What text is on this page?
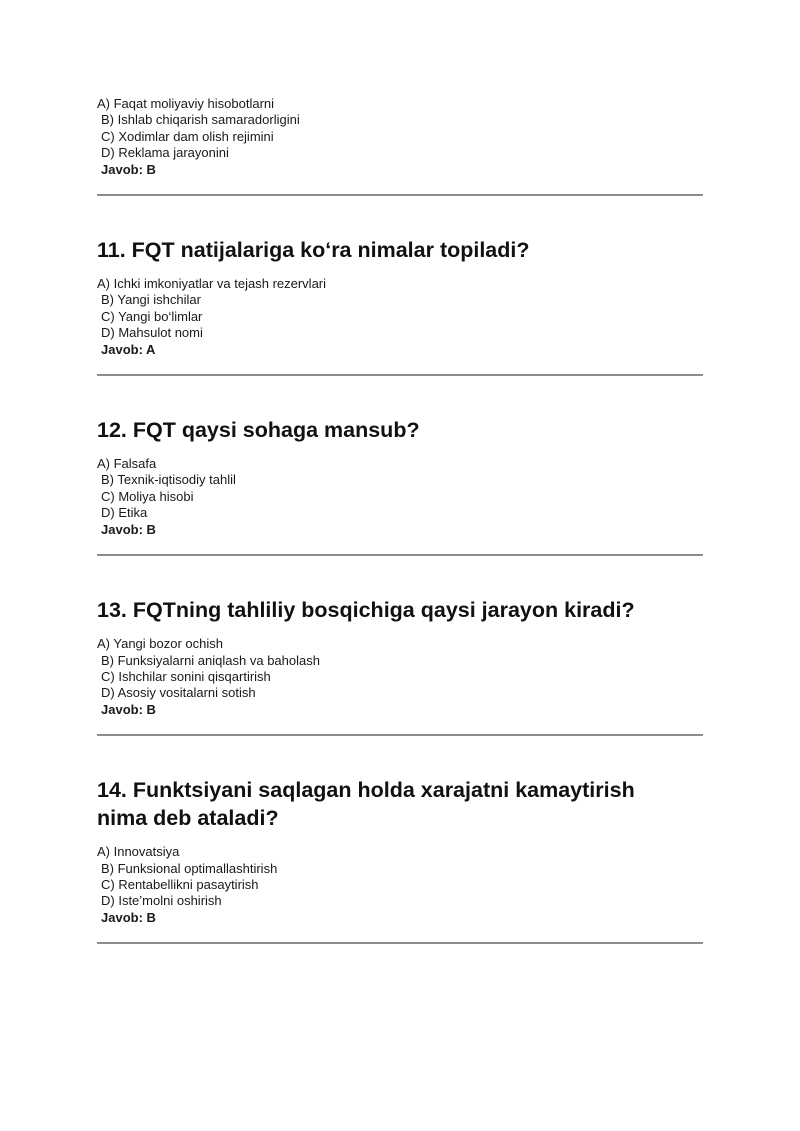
A) Faqat moliyaviy hisobotlarni

B) Ishlab chiqarish samaradorligini

C) Xodimlar dam olish rejimini

D) Reklama jarayonini

Javob: B

11. FQT natijalariga ko‘ra nimalar topiladi?

A) Ichki imkoniyatlar va tejash rezervlari

B) Yangi ishchilar

C) Yangi bo‘limlar

D) Mahsulot nomi

Javob: A

12. FQT qaysi sohaga mansub?

A) Falsafa

B) Texnik-iqtisodiy tahlil

C) Moliya hisobi

D) Etika

Javob: B

13. FQTning tahliliy bosqichiga qaysi jarayon kiradi?

A) Yangi bozor ochish

B) Funksiyalarni aniqlash va baholash

C) Ishchilar sonini qisqartirish

D) Asosiy vositalarni sotish

Javob: B

14. Funktsiyani saqlagan holda xarajatni kamaytirish
nima deb ataladi?

A) Innovatsiya

B) Funksional optimallashtirish

C) Rentabellikni pasaytirish

D) Iste’molni oshirish

Javob: B
